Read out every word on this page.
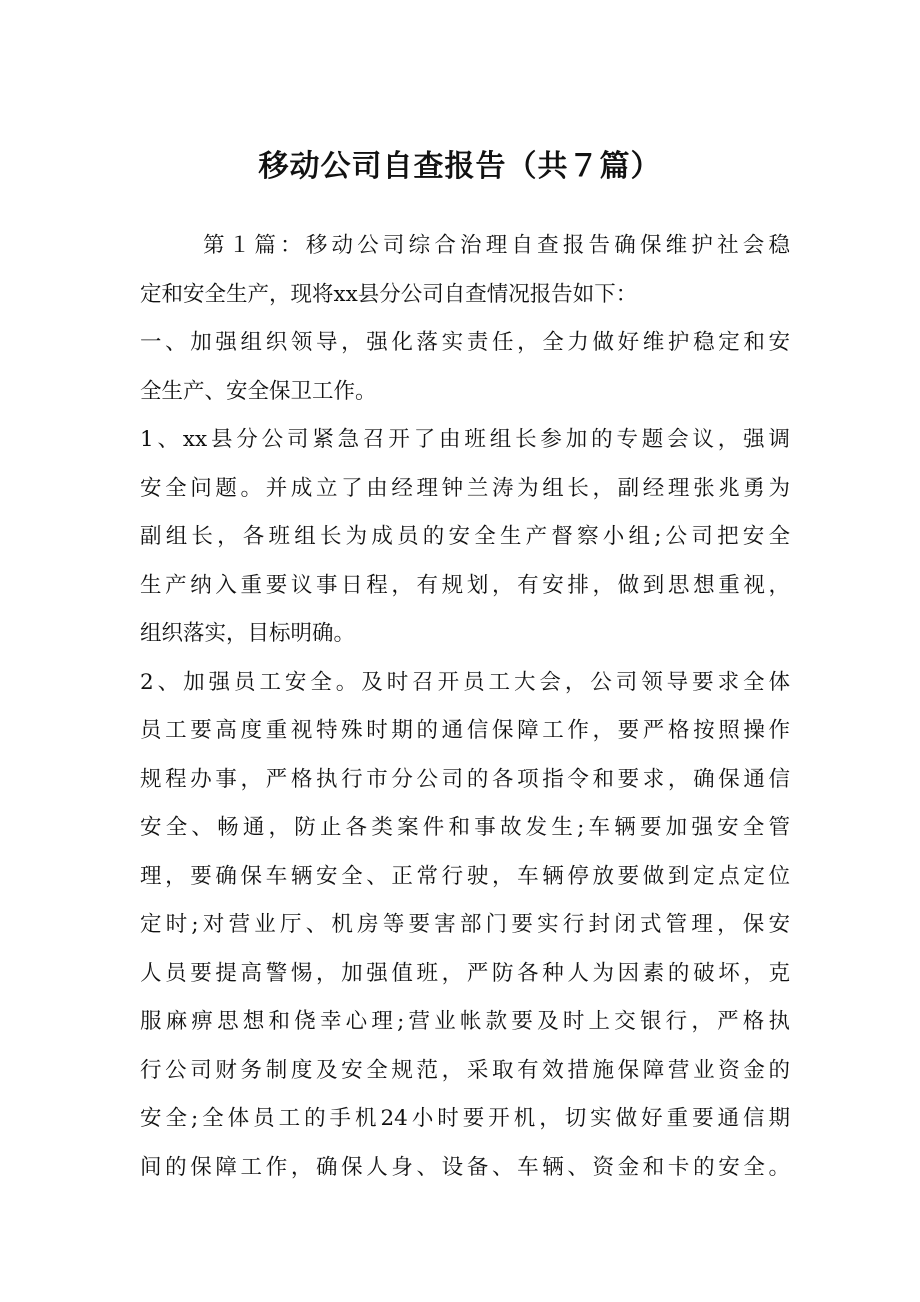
移动公司自查报告（共７篇）
第１篇：移动公司综合治理自查报告确保维护社会稳
定和安全生产，现将xx县分公司自查情况报告如下：
一、加强组织领导，强化落实责任，全力做好维护稳定和安
全生产、安全保卫工作。
1、xx县分公司紧急召开了由班组长参加的专题会议，强调
安全问题。并成立了由经理钟兰涛为组长，副经理张兆勇为
副组长，各班组长为成员的安全生产督察小组;公司把安全
生产纳入重要议事日程，有规划，有安排，做到思想重视，
组织落实，目标明确。
2、加强员工安全。及时召开员工大会，公司领导要求全体
员工要高度重视特殊时期的通信保障工作，要严格按照操作
规程办事，严格执行市分公司的各项指令和要求，确保通信
安全、畅通，防止各类案件和事故发生;车辆要加强安全管
理，要确保车辆安全、正常行驶，车辆停放要做到定点定位
定时;对营业厅、机房等要害部门要实行封闭式管理，保安
人员要提高警惕，加强值班，严防各种人为因素的破坏，克
服麻痹思想和侥幸心理;营业帐款要及时上交银行，严格执
行公司财务制度及安全规范，采取有效措施保障营业资金的
安全;全体员工的手机24小时要开机，切实做好重要通信期
间的保障工作，确保人身、设备、车辆、资金和卡的安全。
